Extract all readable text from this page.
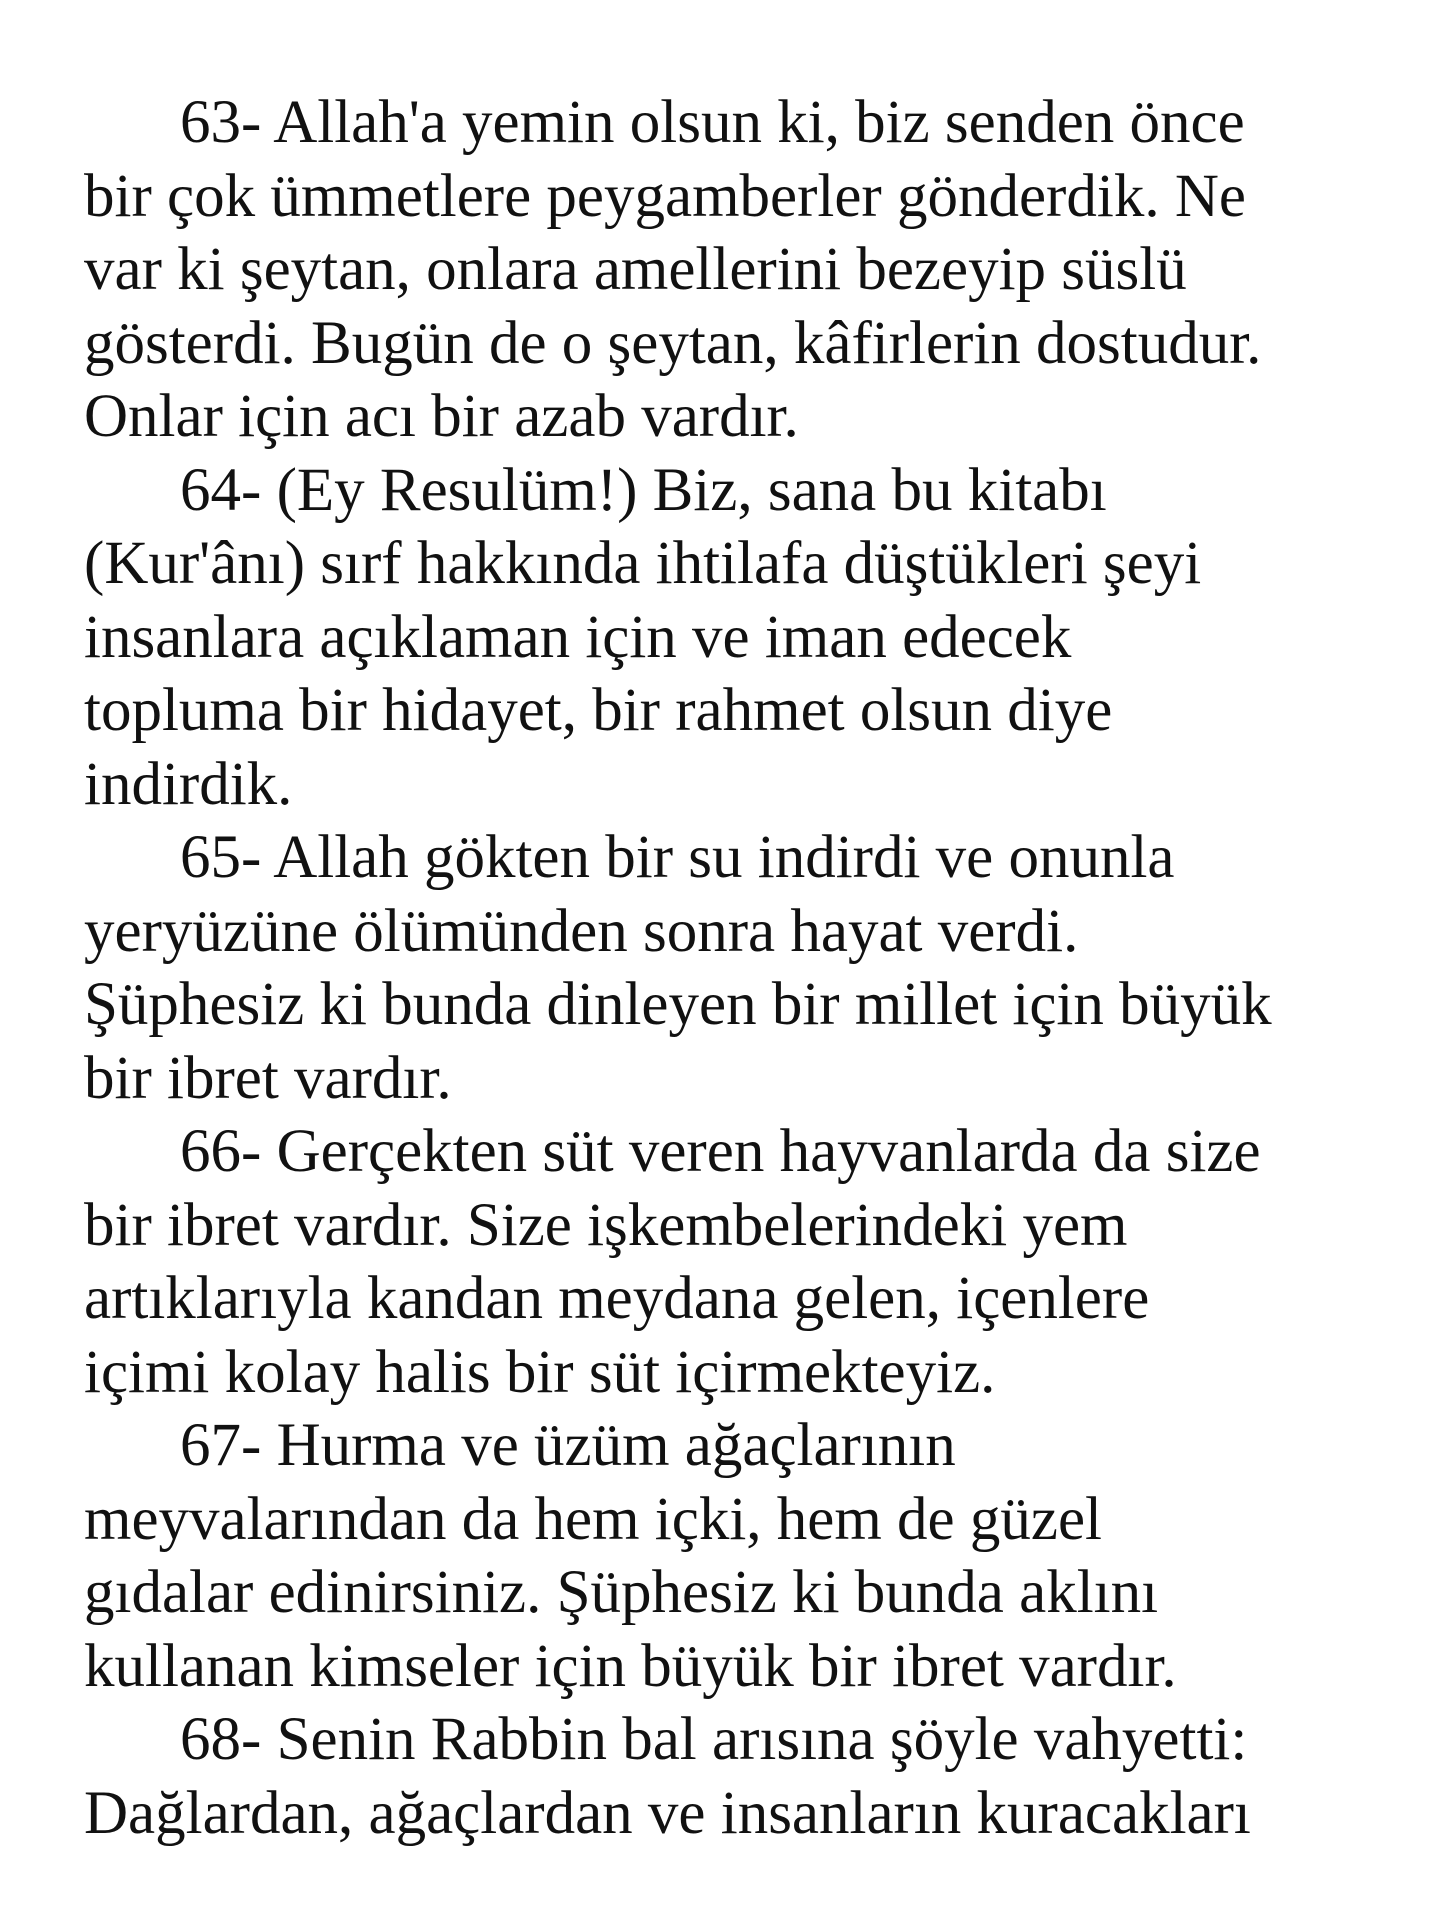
63- Allah'a yemin olsun ki, biz senden önce
bir çok ümmetlere peygamberler gönderdik. Ne
var ki şeytan, onlara amellerini bezeyip süslü
gösterdi. Bugün de o şeytan, kâfirlerin dostudur.
Onlar için acı bir azab vardır.

64- (Ey Resulüm!) Biz, sana bu kitabı
(Kur'ânı) sırf hakkında ihtilafa düştükleri şeyi
insanlara açıklaman için ve iman edecek
topluma bir hidayet, bir rahmet olsun diye
indirdik.

65- Allah gökten bir su indirdi ve onunla
yeryüzüne ölümünden sonra hayat verdi.
Şüphesiz ki bunda dinleyen bir millet için büyük
bir ibret vardır.

66- Gerçekten süt veren hayvanlarda da size
bir ibret vardır. Size işkembelerindeki yem
artıklarıyla kandan meydana gelen, içenlere
içimi kolay halis bir süt içirmekteyiz.

67- Hurma ve üzüm ağaçlarının
meyvalarından da hem içki, hem de güzel
gıdalar edinirsiniz. Şüphesiz ki bunda aklını
kullanan kimseler için büyük bir ibret vardır.

68- Senin Rabbin bal arısına şöyle vahyetti:
Dağlardan, ağaçlardan ve insanların kuracakları
